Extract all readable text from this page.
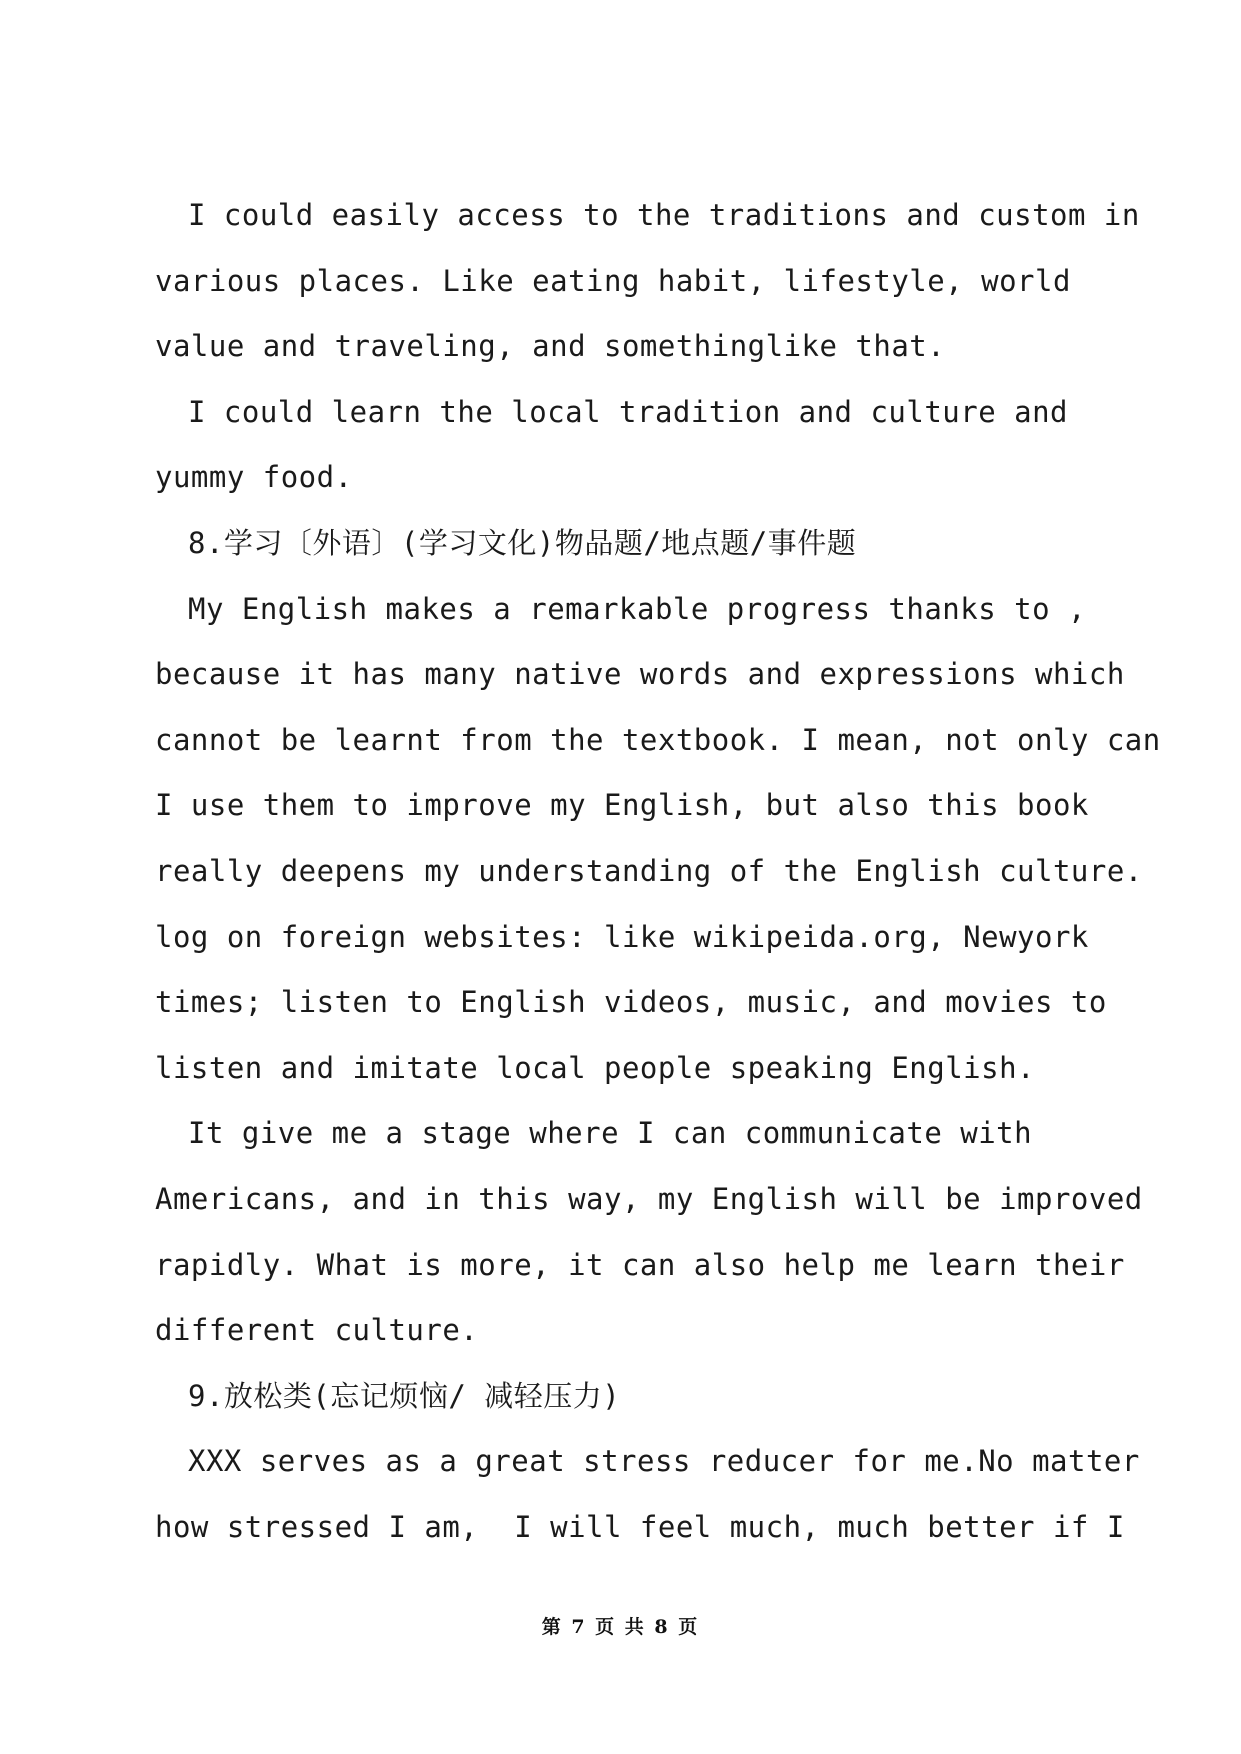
I could easily access to the traditions and custom in
various places. Like eating habit, lifestyle, world
value and traveling, and somethinglike that.
I could learn the local tradition and culture and
yummy food.
8.学习〔外语〕(学习文化)物品题/地点题/事件题
My English makes a remarkable progress thanks to ,
because it has many native words and expressions which
cannot be learnt from the textbook. I mean, not only can
I use them to improve my English, but also this book
really deepens my understanding of the English culture.
log on foreign websites: like wikipeida.org, Newyork
times; listen to English videos, music, and movies to
listen and imitate local people speaking English.
It give me a stage where I can communicate with
Americans, and in this way, my English will be improved
rapidly. What is more, it can also help me learn their
different culture.
9.放松类(忘记烦恼/ 减轻压力)
XXX serves as a great stress reducer for me.No matter
how stressed I am,  I will feel much, much better if I
第 7 页 共 8 页
